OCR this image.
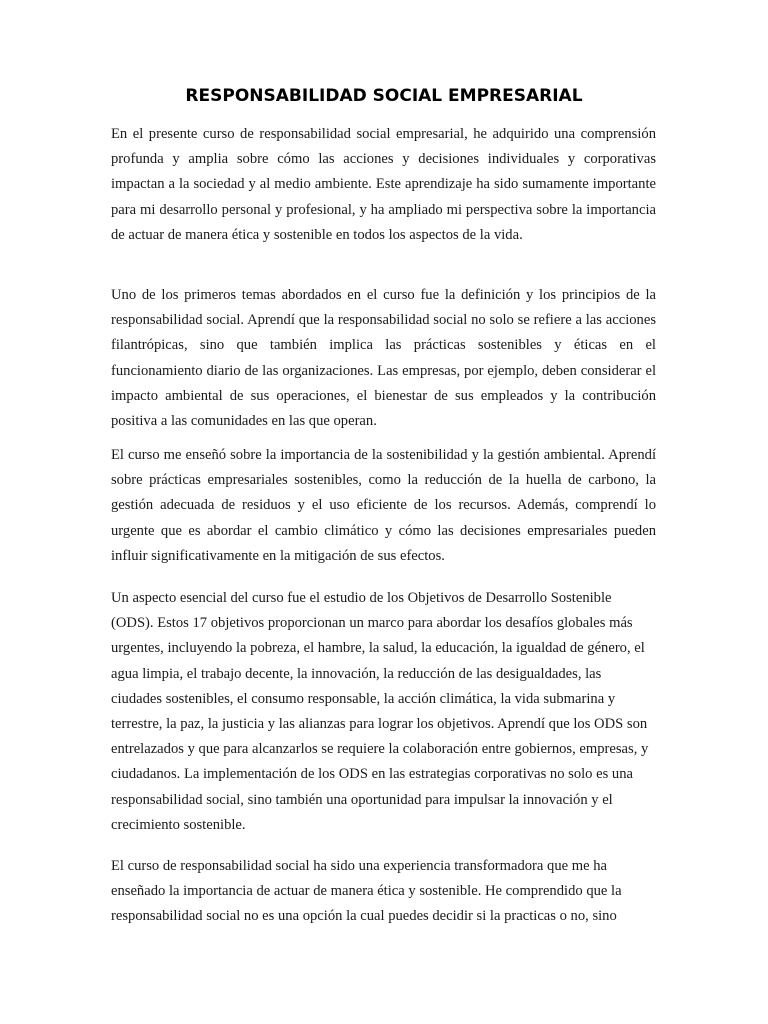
RESPONSABILIDAD SOCIAL EMPRESARIAL

En el presente curso de responsabilidad social empresarial, he adquirido una comprensión profunda y amplia sobre cómo las acciones y decisiones individuales y corporativas impactan a la sociedad y al medio ambiente. Este aprendizaje ha sido sumamente importante para mi desarrollo personal y profesional, y ha ampliado mi perspectiva sobre la importancia de actuar de manera ética y sostenible en todos los aspectos de la vida.

Uno de los primeros temas abordados en el curso fue la definición y los principios de la responsabilidad social. Aprendí que la responsabilidad social no solo se refiere a las acciones filantrópicas, sino que también implica las prácticas sostenibles y éticas en el funcionamiento diario de las organizaciones. Las empresas, por ejemplo, deben considerar el impacto ambiental de sus operaciones, el bienestar de sus empleados y la contribución positiva a las comunidades en las que operan.

El curso me enseñó sobre la importancia de la sostenibilidad y la gestión ambiental. Aprendí sobre prácticas empresariales sostenibles, como la reducción de la huella de carbono, la gestión adecuada de residuos y el uso eficiente de los recursos. Además, comprendí lo urgente que es abordar el cambio climático y cómo las decisiones empresariales pueden influir significativamente en la mitigación de sus efectos.

Un aspecto esencial del curso fue el estudio de los Objetivos de Desarrollo Sostenible (ODS). Estos 17 objetivos proporcionan un marco para abordar los desafíos globales más urgentes, incluyendo la pobreza, el hambre, la salud, la educación, la igualdad de género, el agua limpia, el trabajo decente, la innovación, la reducción de las desigualdades, las ciudades sostenibles, el consumo responsable, la acción climática, la vida submarina y terrestre, la paz, la justicia y las alianzas para lograr los objetivos. Aprendí que los ODS son entrelazados y que para alcanzarlos se requiere la colaboración entre gobiernos, empresas, y ciudadanos. La implementación de los ODS en las estrategias corporativas no solo es una responsabilidad social, sino también una oportunidad para impulsar la innovación y el crecimiento sostenible.

El curso de responsabilidad social ha sido una experiencia transformadora que me ha enseñado la importancia de actuar de manera ética y sostenible. He comprendido que la responsabilidad social no es una opción la cual puedes decidir si la practicas o no, sino
